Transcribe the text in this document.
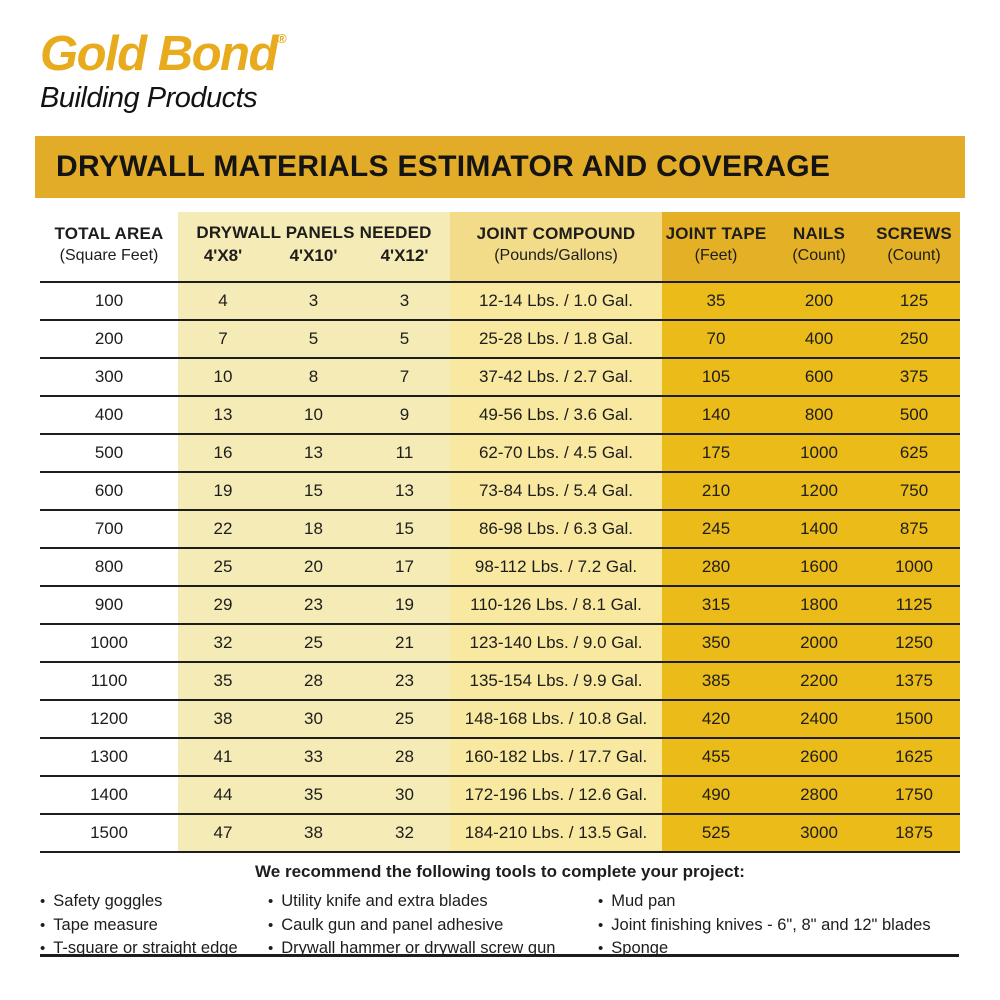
Gold Bond®
Building Products
DRYWALL MATERIALS ESTIMATOR AND COVERAGE
TOTAL AREA
(Square Feet)
DRYWALL PANELS NEEDED
4'X8'	4'X10'	4'X12'
JOINT COMPOUND
(Pounds/Gallons)
JOINT TAPE
(Feet)
NAILS
(Count)
SCREWS
(Count)
100	4	3	3	12-14 Lbs. / 1.0 Gal.	35	200	125
200	7	5	5	25-28 Lbs. / 1.8 Gal.	70	400	250
300	10	8	7	37-42 Lbs. / 2.7 Gal.	105	600	375
400	13	10	9	49-56 Lbs. / 3.6 Gal.	140	800	500
500	16	13	11	62-70 Lbs. / 4.5 Gal.	175	1000	625
600	19	15	13	73-84 Lbs. / 5.4 Gal.	210	1200	750
700	22	18	15	86-98 Lbs. / 6.3 Gal.	245	1400	875
800	25	20	17	98-112 Lbs. / 7.2 Gal.	280	1600	1000
900	29	23	19	110-126 Lbs. / 8.1 Gal.	315	1800	1125
1000	32	25	21	123-140 Lbs. / 9.0 Gal.	350	2000	1250
1100	35	28	23	135-154 Lbs. / 9.9 Gal.	385	2200	1375
1200	38	30	25	148-168 Lbs. / 10.8 Gal.	420	2400	1500
1300	41	33	28	160-182 Lbs. / 17.7 Gal.	455	2600	1625
1400	44	35	30	172-196 Lbs. / 12.6 Gal.	490	2800	1750
1500	47	38	32	184-210 Lbs. / 13.5 Gal.	525	3000	1875
We recommend the following tools to complete your project:
• Safety goggles
• Tape measure
• T-square or straight edge
• Utility knife and extra blades
• Caulk gun and panel adhesive
• Drywall hammer or drywall screw gun
• Mud pan
• Joint finishing knives - 6", 8" and 12" blades
• Sponge
